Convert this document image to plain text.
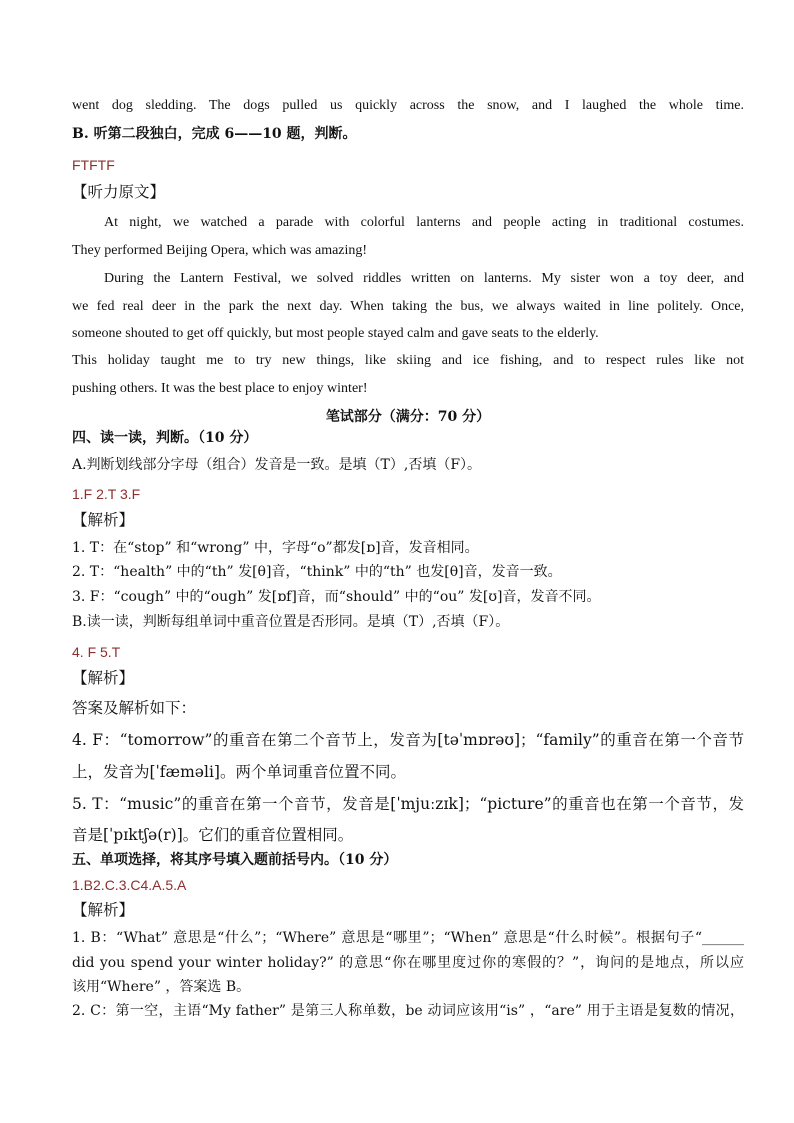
went dog sledding. The dogs pulled us quickly across the snow, and I laughed the whole time.
B. 听第二段独白，完成 6——10 题，判断。
FTFTF
【听力原文】
At night, we watched a parade with colorful lanterns and people acting in traditional costumes.
They performed Beijing Opera, which was amazing!
During the Lantern Festival, we solved riddles written on lanterns. My sister won a toy deer, and
we fed real deer in the park the next day. When taking the bus, we always waited in line politely. Once,
someone shouted to get off quickly, but most people stayed calm and gave seats to the elderly.
This holiday taught me to try new things, like skiing and ice fishing, and to respect rules like not
pushing others. It was the best place to enjoy winter!
笔试部分（满分：70 分）
四、读一读，判断。（10 分）
A.判断划线部分字母（组合）发音是一致。是填（T）,否填（F）。
1.F 2.T 3.F
【解析】
1. T：在“stop” 和“wrong” 中，字母“o”都发[ɒ]音，发音相同。
2. T：“health” 中的“th” 发[θ]音，“think” 中的“th” 也发[θ]音，发音一致。
3. F：“cough” 中的“ough” 发[ɒf]音，而“should” 中的“ou” 发[ʊ]音，发音不同。
B.读一读，判断每组单词中重音位置是否形同。是填（T）,否填（F）。
4. F 5.T
【解析】
答案及解析如下：
4. F：“tomorrow”的重音在第二个音节上，发音为[təˈmɒrəʊ]；“family”的重音在第一个音节
上，发音为[ˈfæməli]。两个单词重音位置不同。
5. T：“music”的重音在第一个音节，发音是[ˈmjuːzɪk]；“picture”的重音也在第一个音节，发
音是[ˈpɪktʃə(r)]。它们的重音位置相同。
五、单项选择，将其序号填入题前括号内。（10 分）
1.B2.C.3.C4.A.5.A
【解析】
1. B：“What” 意思是“什么”；“Where” 意思是“哪里”；“When” 意思是“什么时候”。根据句子“______
did you spend your winter holiday?” 的意思“你在哪里度过你的寒假的？”，询问的是地点，所以应
该用“Where” ，答案选 B。
2. C：第一空，主语“My father” 是第三人称单数，be 动词应该用“is” ，“are” 用于主语是复数的情况，
